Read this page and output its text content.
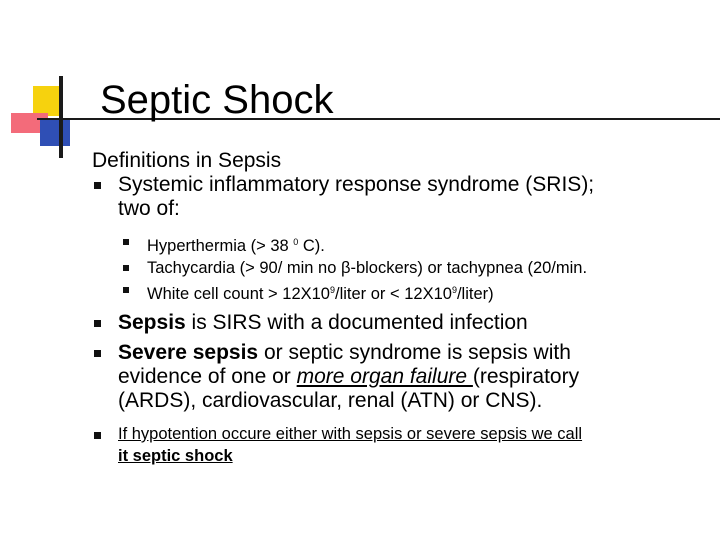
Septic Shock
Definitions in Sepsis
Systemic inflammatory response syndrome (SRIS);
two of:
Hyperthermia (> 38 $^0$ C).
Tachycardia (> 90/ min no β-blockers) or tachypnea (20/min.
White cell count > $12X10^9$/liter or < $12X10^9/liter$)
Sepsis is SIRS with a documented infection
Severe sepsis or septic syndrome is sepsis with
evidence of one or more organ failure (respiratory
(ARDS), cardiovascular, renal (ATN) or CNS).
If hypotention occure either with sepsis or severe sepsis we call
it septic shock
